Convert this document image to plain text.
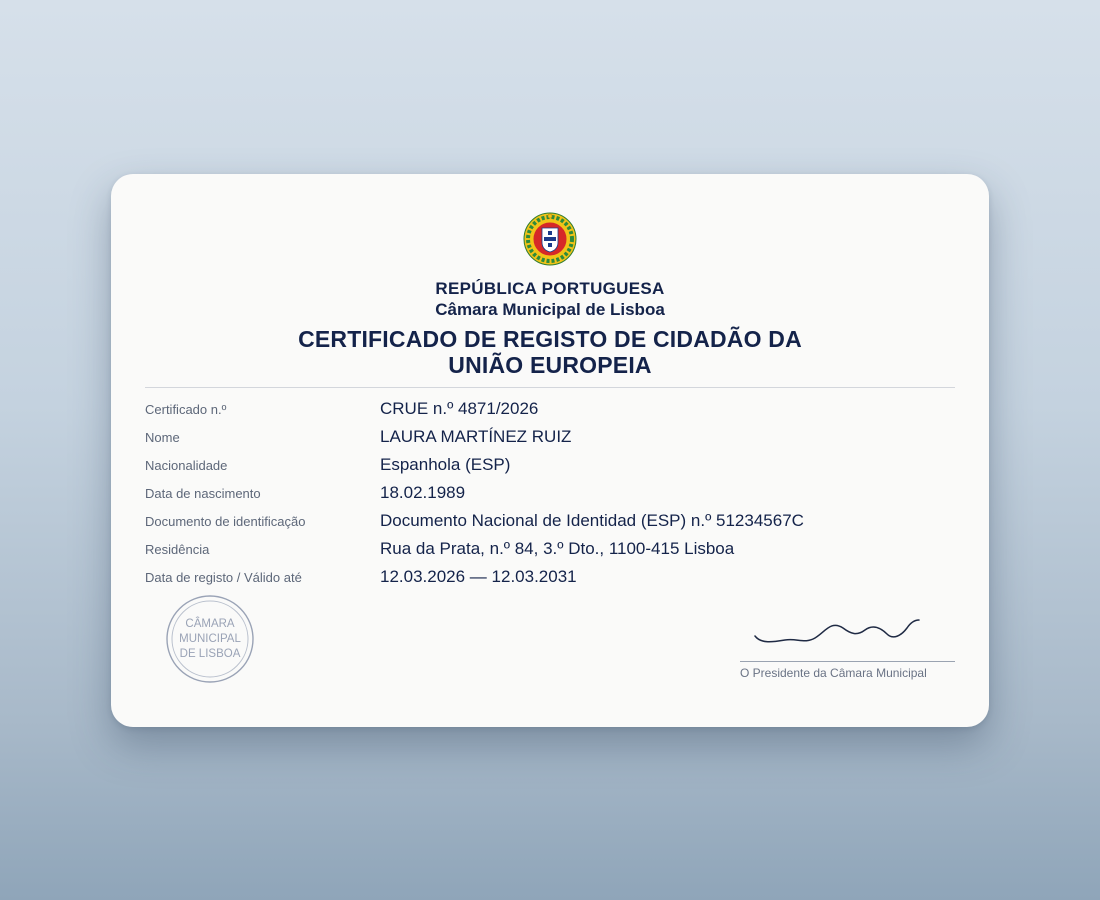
REPÚBLICA PORTUGUESA
Câmara Municipal de Lisboa
CERTIFICADO DE REGISTO DE CIDADÃO DA
UNIÃO EUROPEIA
Certificado n.º	CRUE n.º 4871/2026
Nome	LAURA MARTÍNEZ RUIZ
Nacionalidade	Espanhola (ESP)
Data de nascimento	18.02.1989
Documento de identificação	Documento Nacional de Identidad (ESP) n.º 51234567C
Residência	Rua da Prata, n.º 84, 3.º Dto., 1100-415 Lisboa
Data de registo / Válido até	12.03.2026 — 12.03.2031
CÂMARA
MUNICIPAL
DE LISBOA
O Presidente da Câmara Municipal
